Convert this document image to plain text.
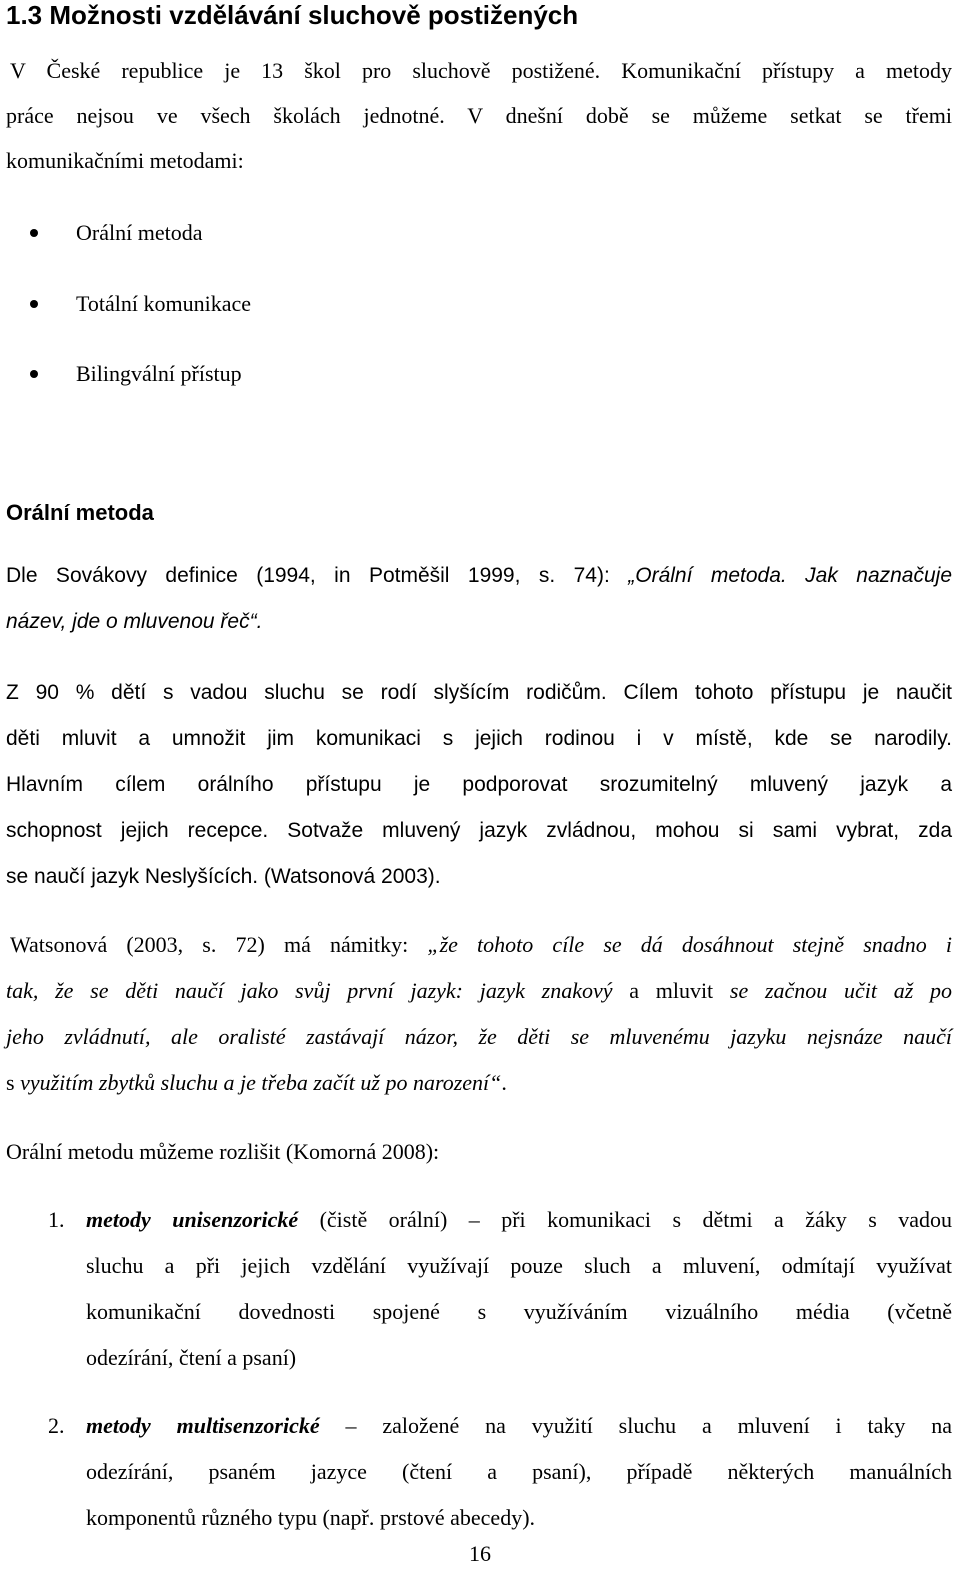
1.3 Možnosti vzdělávání sluchově postižených
V České republice je 13 škol pro sluchově postižené. Komunikační přístupy a metody
práce nejsou ve všech školách jednotné. V dnešní době se můžeme setkat se třemi
komunikačními metodami:
Orální metoda
Totální komunikace
Bilingvální přístup
Orální metoda
Dle Sovákovy definice (1994, in Potměšil 1999, s. 74): „Orální metoda. Jak naznačuje
název, jde o mluvenou řeč“.
Z 90 % dětí s vadou sluchu se rodí slyšícím rodičům. Cílem tohoto přístupu je naučit
děti mluvit a umnožit jim komunikaci s jejich rodinou i v místě, kde se narodily.
Hlavním cílem orálního přístupu je podporovat srozumitelný mluvený jazyk a
schopnost jejich recepce. Sotvaže mluvený jazyk zvládnou, mohou si sami vybrat, zda
se naučí jazyk Neslyšících. (Watsonová 2003).
Watsonová (2003, s. 72) má námitky: „že tohoto cíle se dá dosáhnout stejně snadno i
tak, že se děti naučí jako svůj první jazyk: jazyk znakový a mluvit se začnou učit až po
jeho zvládnutí, ale oralisté zastávají názor, že děti se mluvenému jazyku nejsnáze naučí
s využitím zbytků sluchu a je třeba začít už po narození“.
Orální metodu můžeme rozlišit (Komorná 2008):
1. metody unisenzorické (čistě orální) – při komunikaci s dětmi a žáky s vadou
sluchu a při jejich vzdělání využívají pouze sluch a mluvení, odmítají využívat
komunikační dovednosti spojené s využíváním vizuálního média (včetně
odezírání, čtení a psaní)
2. metody multisenzorické – založené na využití sluchu a mluvení i taky na
odezírání, psaném jazyce (čtení a psaní), případě některých manuálních
komponentů různého typu (např. prstové abecedy).
16
